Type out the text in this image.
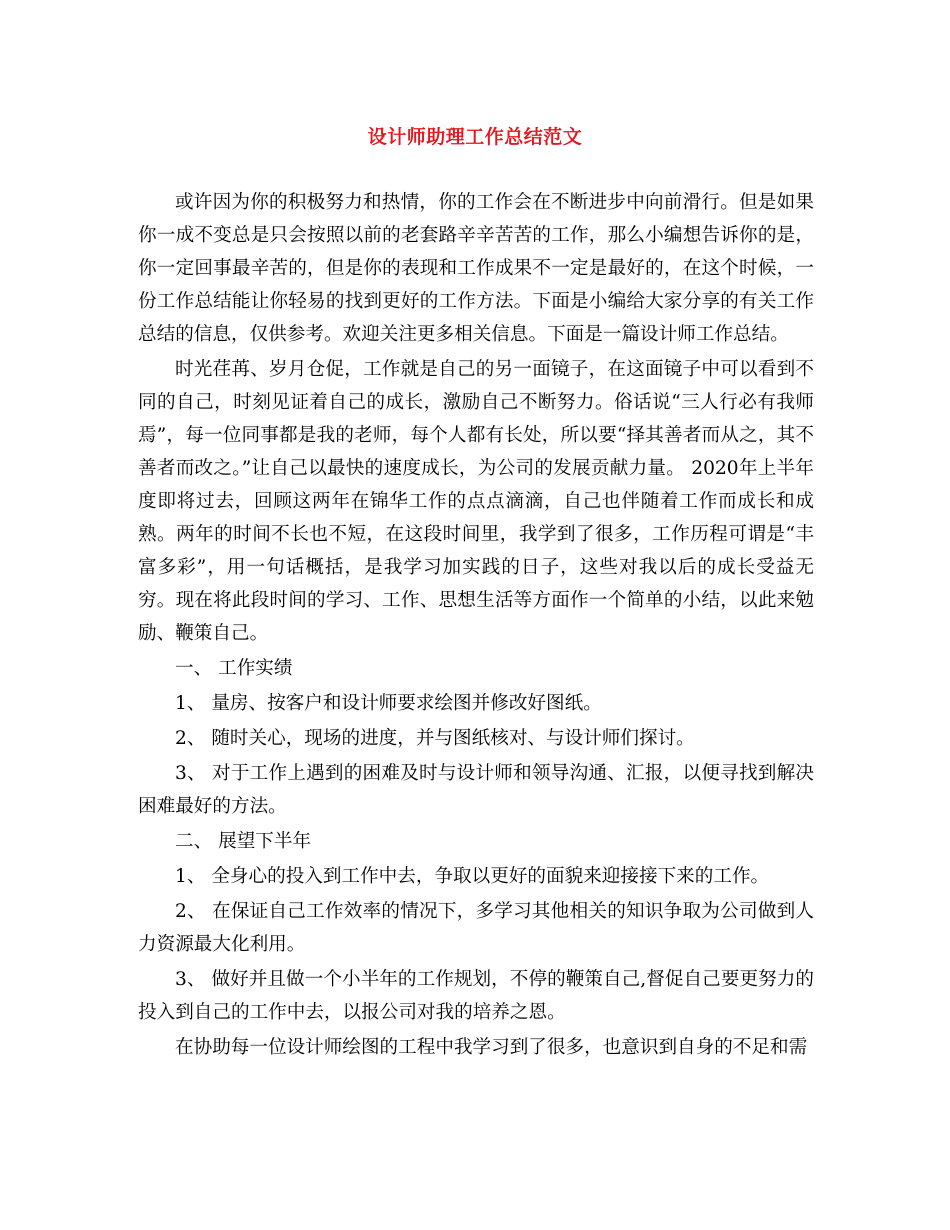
设计师助理工作总结范文

或许因为你的积极努力和热情，你的工作会在不断进步中向前滑行。但是如果你一成不变总是只会按照以前的老套路辛辛苦苦的工作，那么小编想告诉你的是，你一定回事最辛苦的，但是你的表现和工作成果不一定是最好的，在这个时候，一份工作总结能让你轻易的找到更好的工作方法。下面是小编给大家分享的有关工作总结的信息，仅供参考。欢迎关注更多相关信息。下面是一篇设计师工作总结。

时光荏苒、岁月仓促，工作就是自己的另一面镜子，在这面镜子中可以看到不同的自己，时刻见证着自己的成长，激励自己不断努力。俗话说“三人行必有我师焉”，每一位同事都是我的老师，每个人都有长处，所以要“择其善者而从之，其不善者而改之。”让自己以最快的速度成长，为公司的发展贡献力量。 2020年上半年度即将过去，回顾这两年在锦华工作的点点滴滴，自己也伴随着工作而成长和成熟。两年的时间不长也不短，在这段时间里，我学到了很多，工作历程可谓是“丰富多彩”，用一句话概括，是我学习加实践的日子，这些对我以后的成长受益无穷。现在将此段时间的学习、工作、思想生活等方面作一个简单的小结，以此来勉励、鞭策自己。

一、 工作实绩

1、 量房、按客户和设计师要求绘图并修改好图纸。

2、 随时关心，现场的进度，并与图纸核对、与设计师们探讨。

3、 对于工作上遇到的困难及时与设计师和领导沟通、汇报，以便寻找到解决困难最好的方法。

二、 展望下半年

1、 全身心的投入到工作中去，争取以更好的面貌来迎接接下来的工作。

2、 在保证自己工作效率的情况下，多学习其他相关的知识争取为公司做到人力资源最大化利用。

3、 做好并且做一个小半年的工作规划，不停的鞭策自己,督促自己要更努力的投入到自己的工作中去，以报公司对我的培养之恩。

在协助每一位设计师绘图的工程中我学习到了很多，也意识到自身的不足和需
